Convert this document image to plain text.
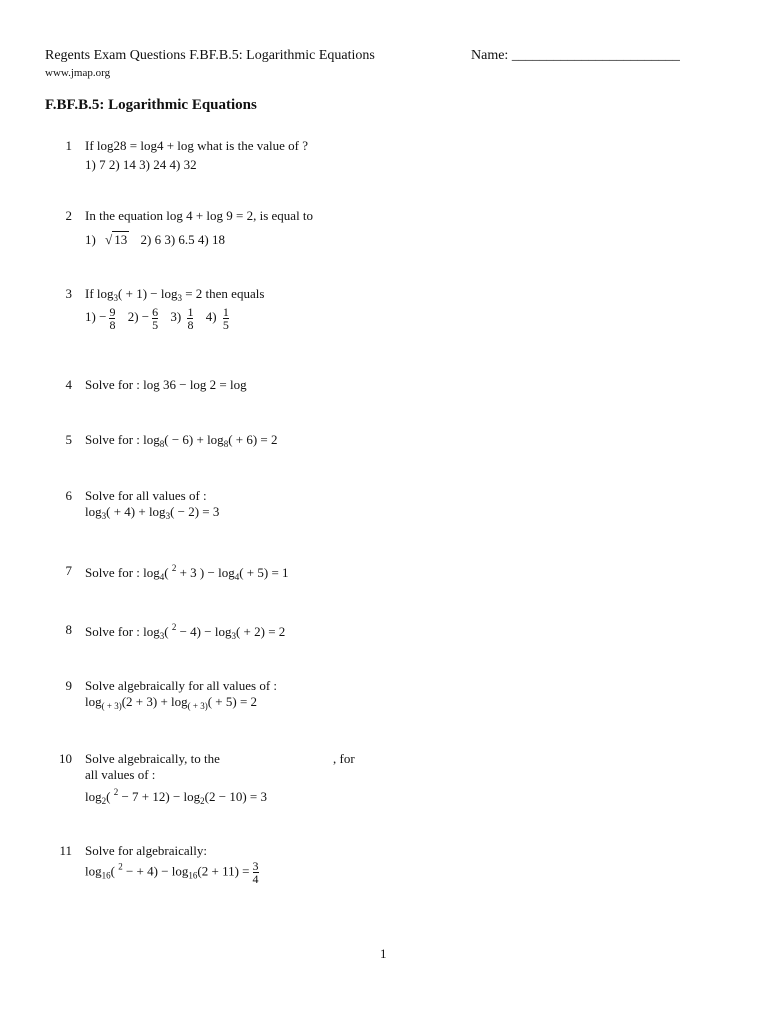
Regents Exam Questions F.BF.B.5: Logarithmic Equations	Name: ________________________
www.jmap.org
F.BF.B.5: Logarithmic Equations
1 If log28 = log4 + log what is the value of ?
1) 7 2) 14 3) 24 4) 32
2 In the equation log 4 + log 9 = 2, is equal to
1) √ 13 2) 6 3) 6.5 4) 18
3 If $\log_3( + 1) - \log_3 = 2$ then equals
$1) - \frac{9}{8} 2) - \frac{6}{5} 3) \frac{1}{8} 4) \frac{1}{5}$
4 Solve for : log 36 − log 2 = log
5 Solve for : $\log_8( - 6) + \log_8( + 6) = 2$
6 Solve for all values of :
$\log_3( + 4) + \log_3( - 2) = 3$
7 Solve for : $\log_4$( $^2$ + 3 ) − $\log_4( + 5) = 1$
8 Solve for : $\log_3$( $^2 - 4) - \log_3( + 2) = 2$
9 Solve algebraically for all values of :
$\log_{( + 3)}(2 + 3) + \log_{( + 3)}( + 5) = 2$
10 Solve algebraically, to the	, for
all values of :
$\log_2$( $^2 - 7 + 12) - \log_2(2 - 10) = 3$
11 Solve for algebraically:
$\log_{16}$( $^2$ − + $4) - \log_{16}(2 + 11) = \frac{3}{4}$
1
